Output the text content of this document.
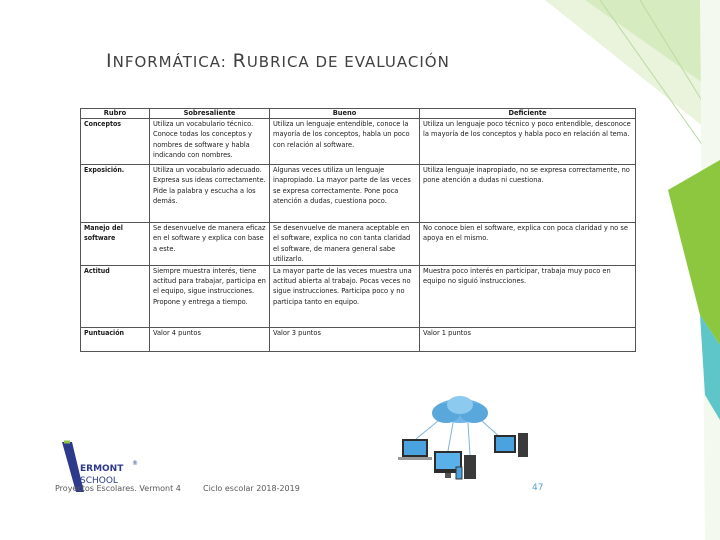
INFORMÁTICA: RUBRICA DE EVALUACIÓN
Rubro	Sobresaliente	Bueno	Deficiente
Conceptos	Utiliza un vocabulario técnico. Conoce todas los conceptos y nombres de software y habla indicando con nombres.	Utiliza un lenguaje entendible, conoce la mayoría de los conceptos, habla un poco con relación al software.	Utiliza un lenguaje poco técnico y poco entendible, desconoce la mayoría de los conceptos y habla poco en relación al tema.
Exposición.	Utiliza un vocabulario adecuado. Expresa sus ideas correctamente. Pide la palabra y escucha a los demás.	Algunas veces utiliza un lenguaje inapropiado. La mayor parte de las veces se expresa correctamente. Pone poca atención a dudas, cuestiona poco.	Utiliza lenguaje inapropiado, no se expresa correctamente, no pone atención a dudas ni cuestiona.
Manejo del software	Se desenvuelve de manera eficaz en el software y explica con base a este.	Se desenvuelve de manera aceptable en el software, explica no con tanta claridad el software, de manera general sabe utilizarlo.	No conoce bien el software, explica con poca claridad y no se apoya en el mismo.
Actitud	Siempre muestra interés, tiene actitud para trabajar, participa en el equipo, sigue instrucciones. Propone y entrega a tiempo.	La mayor parte de las veces muestra una actitud abierta al trabajo. Pocas veces no sigue instrucciones. Participa poco y no participa tanto en equipo.	Muestra poco interés en participar, trabaja muy poco en equipo no siguió instrucciones.
Puntuación	Valor 4 puntos	Valor 3 puntos	Valor 1 puntos
ERMONT
®
SCHOOL
Proyectos Escolares. Vermont 4	Ciclo escolar 2018-2019	47
